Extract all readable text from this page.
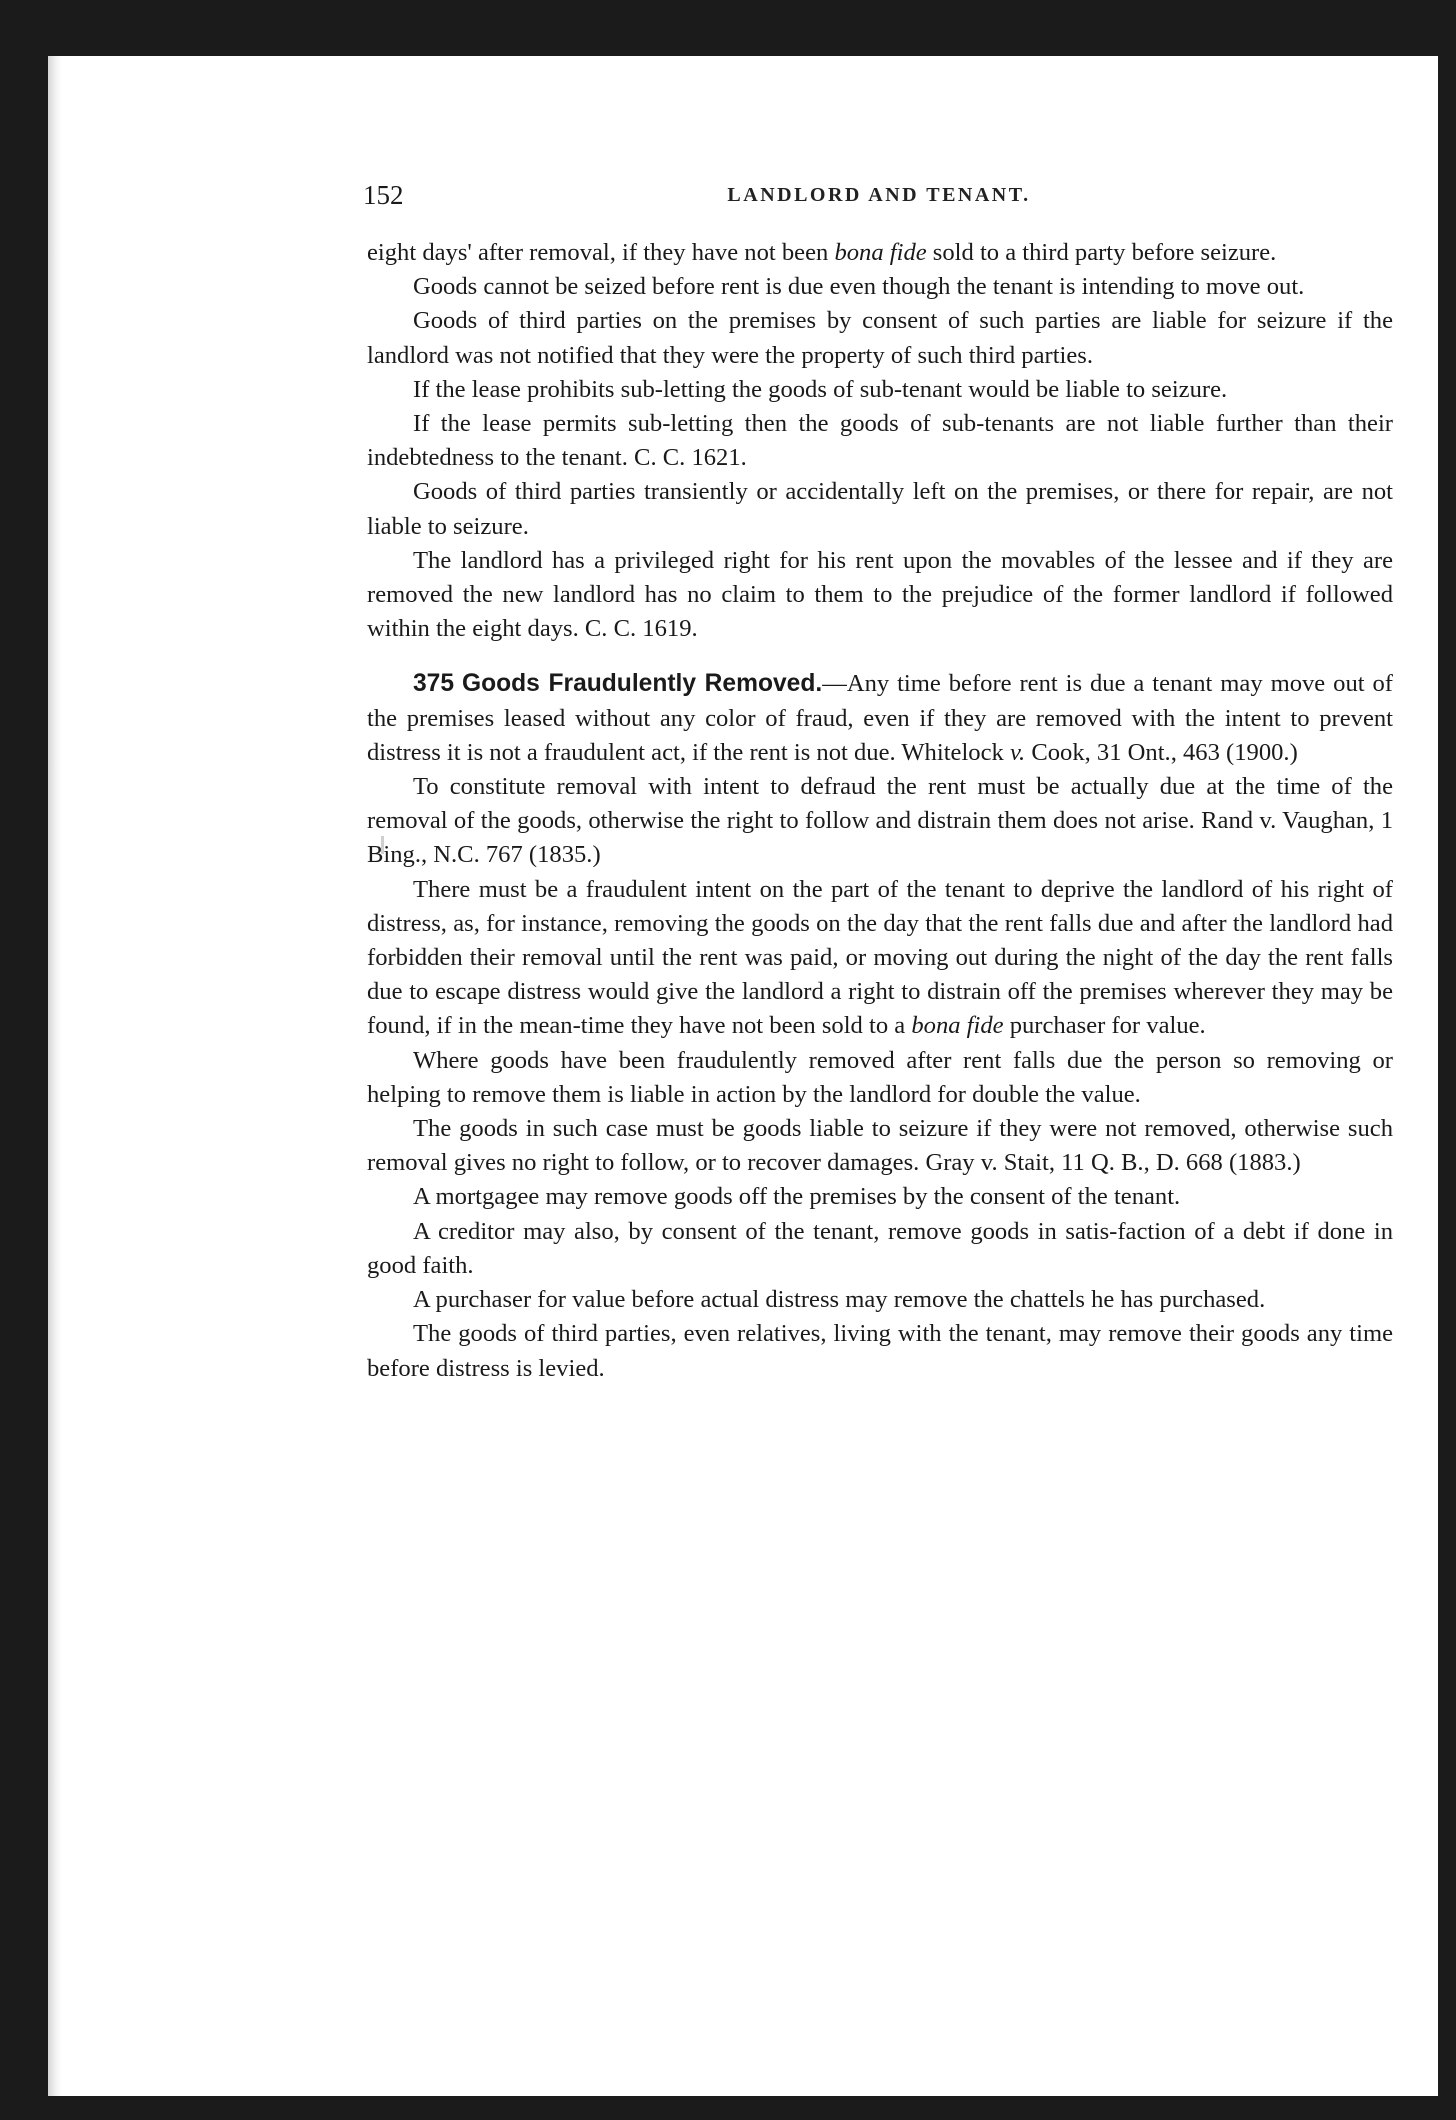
152	LANDLORD AND TENANT.

eight days' after removal, if they have not been bona fide sold to a third party before seizure.

Goods cannot be seized before rent is due even though the tenant is intending to move out.

Goods of third parties on the premises by consent of such parties are liable for seizure if the landlord was not notified that they were the property of such third parties.

If the lease prohibits sub-letting the goods of sub-tenant would be liable to seizure.

If the lease permits sub-letting then the goods of sub-tenants are not liable further than their indebtedness to the tenant. C. C. 1621.

Goods of third parties transiently or accidentally left on the premises, or there for repair, are not liable to seizure.

The landlord has a privileged right for his rent upon the movables of the lessee and if they are removed the new landlord has no claim to them to the prejudice of the former landlord if followed within the eight days. C. C. 1619.

375 Goods Fraudulently Removed.—Any time before rent is due a tenant may move out of the premises leased without any color of fraud, even if they are removed with the intent to prevent distress it is not a fraudulent act, if the rent is not due. Whitelock v. Cook, 31 Ont., 463 (1900.)

To constitute removal with intent to defraud the rent must be actually due at the time of the removal of the goods, otherwise the right to follow and distrain them does not arise. Rand v. Vaughan, 1 Bing., N.C. 767 (1835.)

There must be a fraudulent intent on the part of the tenant to deprive the landlord of his right of distress, as, for instance, removing the goods on the day that the rent falls due and after the landlord had forbidden their removal until the rent was paid, or moving out during the night of the day the rent falls due to escape distress would give the landlord a right to distrain off the premises wherever they may be found, if in the mean-time they have not been sold to a bona fide purchaser for value.

Where goods have been fraudulently removed after rent falls due the person so removing or helping to remove them is liable in action by the landlord for double the value.

The goods in such case must be goods liable to seizure if they were not removed, otherwise such removal gives no right to follow, or to recover damages. Gray v. Stait, 11 Q. B., D. 668 (1883.)

A mortgagee may remove goods off the premises by the consent of the tenant.

A creditor may also, by consent of the tenant, remove goods in satis-faction of a debt if done in good faith.

A purchaser for value before actual distress may remove the chattels he has purchased.

The goods of third parties, even relatives, living with the tenant, may remove their goods any time before distress is levied.
